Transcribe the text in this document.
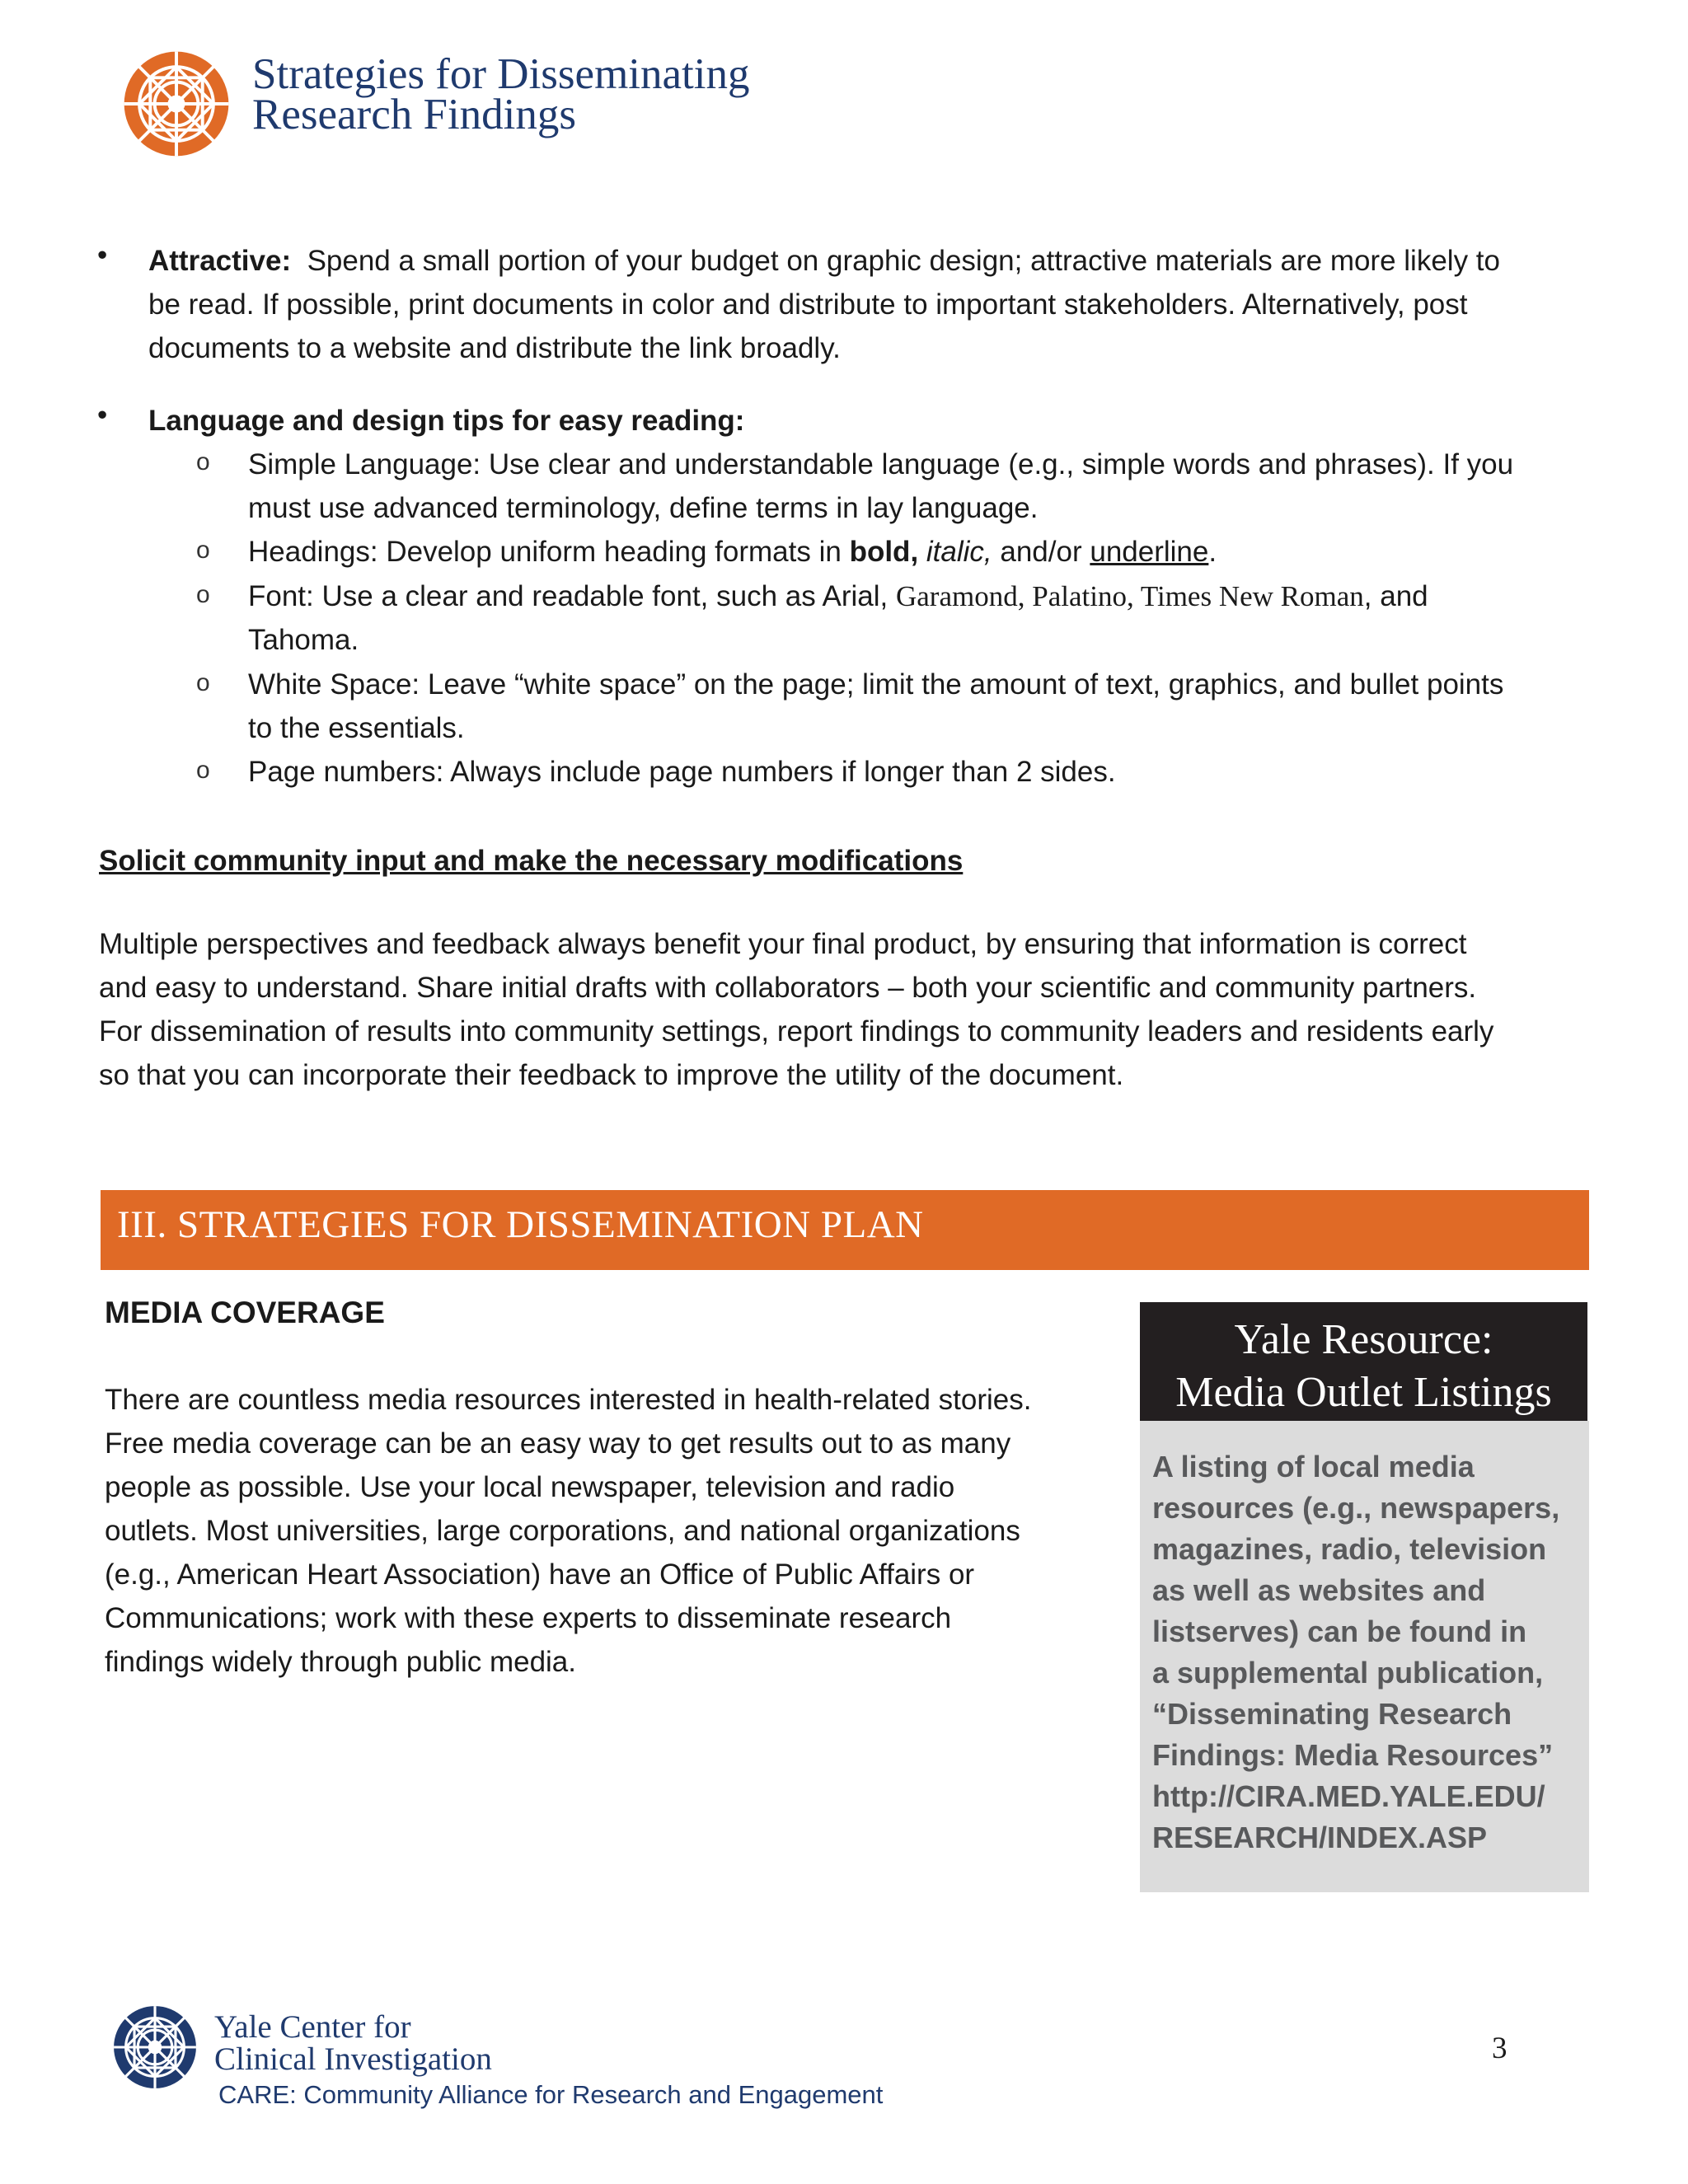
Strategies for Disseminating
Research Findings
• Attractive: Spend a small portion of your budget on graphic design; attractive materials are more likely to
be read. If possible, print documents in color and distribute to important stakeholders. Alternatively, post
documents to a website and distribute the link broadly.
• Language and design tips for easy reading:
o Simple Language: Use clear and understandable language (e.g., simple words and phrases). If you
must use advanced terminology, define terms in lay language.
o Headings: Develop uniform heading formats in bold, italic, and/or underline.
o Font: Use a clear and readable font, such as Arial, Garamond, Palatino, Times New Roman, and
Tahoma.
o White Space: Leave “white space” on the page; limit the amount of text, graphics, and bullet points
to the essentials.
o Page numbers: Always include page numbers if longer than 2 sides.
Solicit community input and make the necessary modifications
Multiple perspectives and feedback always benefit your final product, by ensuring that information is correct
and easy to understand. Share initial drafts with collaborators – both your scientific and community partners.
For dissemination of results into community settings, report findings to community leaders and residents early
so that you can incorporate their feedback to improve the utility of the document.
III. STRATEGIES FOR DISSEMINATION PLAN
MEDIA COVERAGE
There are countless media resources interested in health-related stories.
Free media coverage can be an easy way to get results out to as many
people as possible. Use your local newspaper, television and radio
outlets. Most universities, large corporations, and national organizations
(e.g., American Heart Association) have an Office of Public Affairs or
Communications; work with these experts to disseminate research
findings widely through public media.
Yale Resource:
Media Outlet Listings
A listing of local media
resources (e.g., newspapers,
magazines, radio, television
as well as websites and
listserves) can be found in
a supplemental publication,
“Disseminating Research
Findings: Media Resources”
http://CIRA.MED.YALE.EDU/
RESEARCH/INDEX.ASP
Yale Center for
Clinical Investigation
CARE: Community Alliance for Research and Engagement
3
